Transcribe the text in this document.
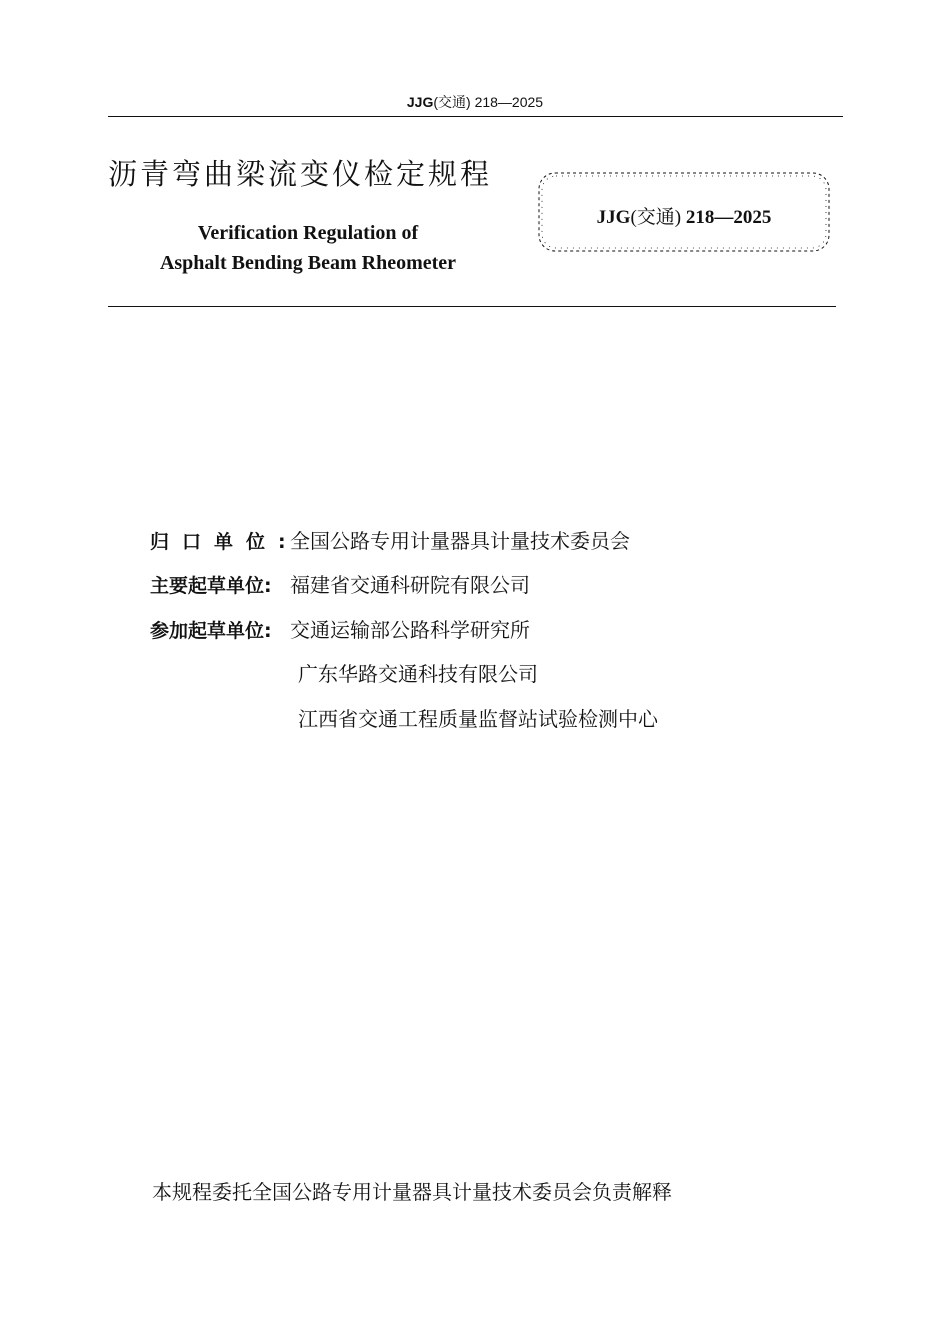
JJG(交通) 218—2025
沥青弯曲梁流变仪检定规程
Verification Regulation of
Asphalt Bending Beam Rheometer
JJG(交通) 218—2025
归口单位:全国公路专用计量器具计量技术委员会
主要起草单位: 福建省交通科研院有限公司
参加起草单位: 交通运输部公路科学研究所
广东华路交通科技有限公司
江西省交通工程质量监督站试验检测中心
本规程委托全国公路专用计量器具计量技术委员会负责解释
